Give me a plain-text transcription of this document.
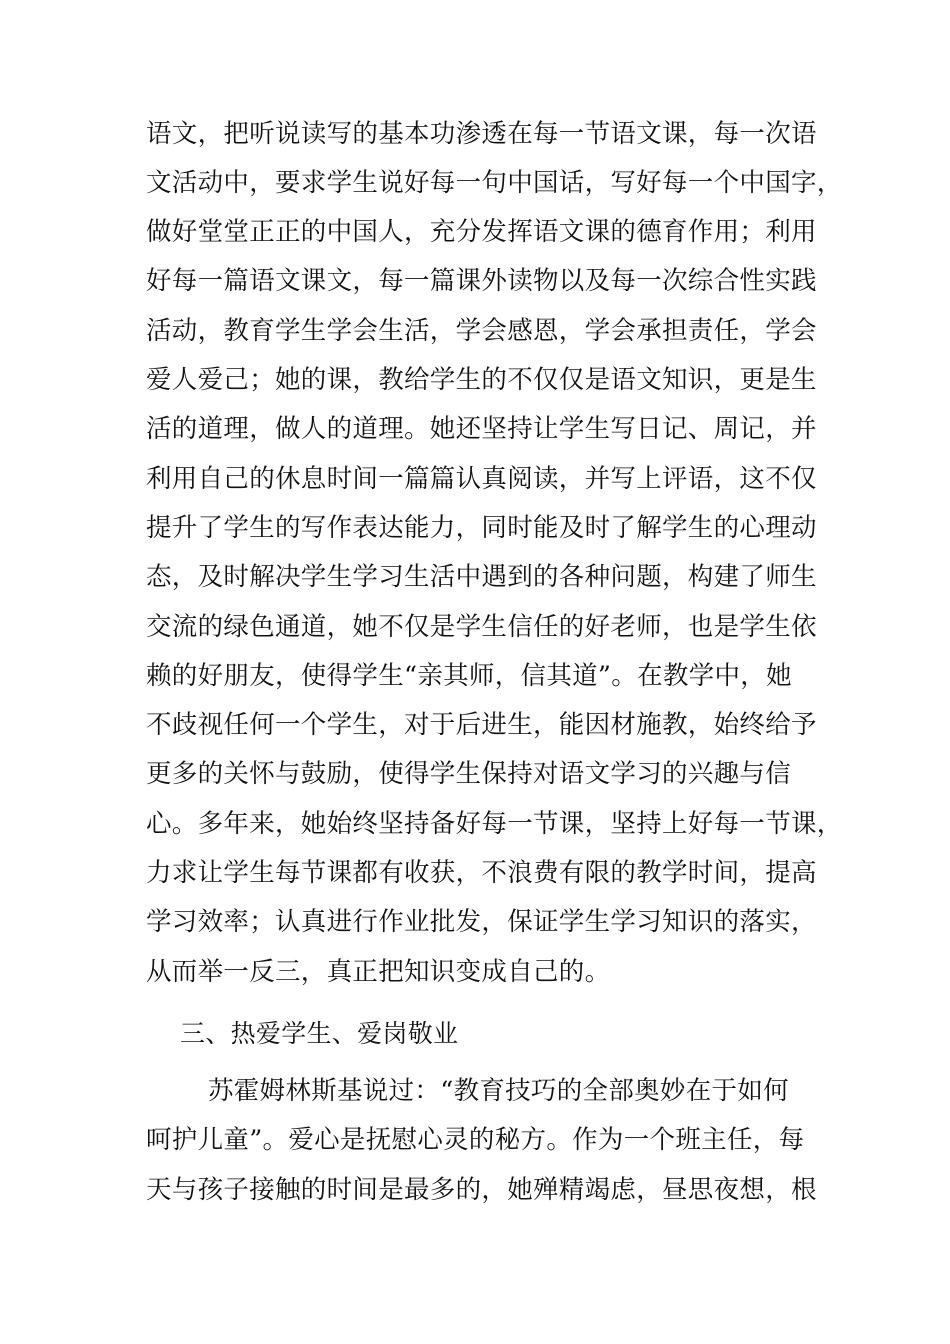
语文，把听说读写的基本功渗透在每一节语文课，每一次语
文活动中，要求学生说好每一句中国话，写好每一个中国字，
做好堂堂正正的中国人，充分发挥语文课的德育作用；利用
好每一篇语文课文，每一篇课外读物以及每一次综合性实践
活动，教育学生学会生活，学会感恩，学会承担责任，学会
爱人爱己；她的课，教给学生的不仅仅是语文知识，更是生
活的道理，做人的道理。她还坚持让学生写日记、周记，并
利用自己的休息时间一篇篇认真阅读，并写上评语，这不仅
提升了学生的写作表达能力，同时能及时了解学生的心理动
态，及时解决学生学习生活中遇到的各种问题，构建了师生
交流的绿色通道，她不仅是学生信任的好老师，也是学生依
赖的好朋友，使得学生“亲其师，信其道”。在教学中，她
不歧视任何一个学生，对于后进生，能因材施教，始终给予
更多的关怀与鼓励，使得学生保持对语文学习的兴趣与信
心。多年来，她始终坚持备好每一节课，坚持上好每一节课，
力求让学生每节课都有收获，不浪费有限的教学时间，提高
学习效率；认真进行作业批发，保证学生学习知识的落实，
从而举一反三，真正把知识变成自己的。
三、热爱学生、爱岗敬业
苏霍姆林斯基说过：“教育技巧的全部奥妙在于如何
呵护儿童”。爱心是抚慰心灵的秘方。作为一个班主任，每
天与孩子接触的时间是最多的，她殚精竭虑，昼思夜想，根
